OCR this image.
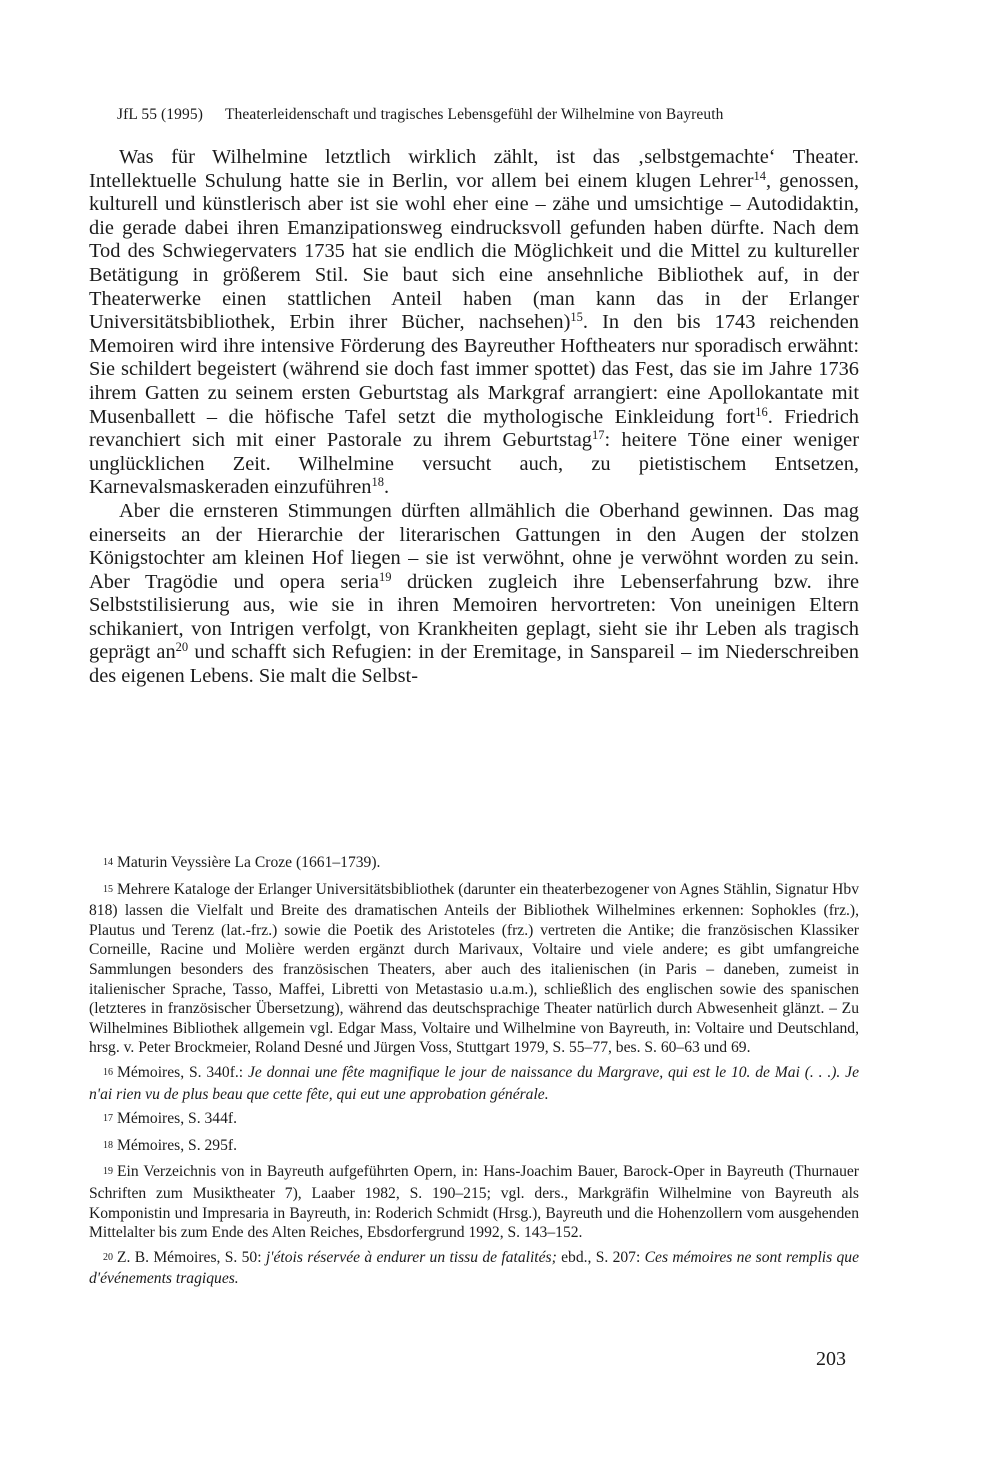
JfL 55 (1995) Theaterleidenschaft und tragisches Lebensgefühl der Wilhelmine von Bayreuth

Was für Wilhelmine letztlich wirklich zählt, ist das ‚selbstgemachte‘ Theater. Intellektuelle Schulung hatte sie in Berlin, vor allem bei einem klugen Lehrer$^{14}$, genossen, kulturell und künstlerisch aber ist sie wohl eher eine – zähe und umsichtige – Autodidaktin, die gerade dabei ihren Emanzipationsweg eindrucksvoll gefunden haben dürfte. Nach dem Tod des Schwiegervaters 1735 hat sie endlich die Möglichkeit und die Mittel zu kultureller Betätigung in größerem Stil. Sie baut sich eine ansehnliche Bibliothek auf, in der Theaterwerke einen stattlichen Anteil haben (man kann das in der Erlanger Universitätsbibliothek, Erbin ihrer Bücher, nachsehen)$^{15}$. In den bis 1743 reichenden Memoiren wird ihre intensive Förderung des Bayreuther Hoftheaters nur sporadisch erwähnt: Sie schildert begeistert (während sie doch fast immer spottet) das Fest, das sie im Jahre 1736 ihrem Gatten zu seinem ersten Geburtstag als Markgraf arrangiert: eine Apollokantate mit Musenballett – die höfische Tafel setzt die mythologische Einkleidung fort$^{16}$. Friedrich revanchiert sich mit einer Pastorale zu ihrem Geburtstag$^{17}$: heitere Töne einer weniger unglücklichen Zeit. Wilhelmine versucht auch, zu pietistischem Entsetzen, Karnevalsmaskeraden einzuführen$^{18}$.

Aber die ernsteren Stimmungen dürften allmählich die Oberhand gewinnen. Das mag einerseits an der Hierarchie der literarischen Gattungen in den Augen der stolzen Königstochter am kleinen Hof liegen – sie ist verwöhnt, ohne je verwöhnt worden zu sein. Aber Tragödie und opera seria$^{19}$ drücken zugleich ihre Lebenserfahrung bzw. ihre Selbststilisierung aus, wie sie in ihren Memoiren hervortreten: Von uneinigen Eltern schikaniert, von Intrigen verfolgt, von Krankheiten geplagt, sieht sie ihr Leben als tragisch geprägt an$^{20}$ und schafft sich Refugien: in der Eremitage, in Sanspareil – im Niederschreiben des eigenen Lebens. Sie malt die Selbst-

14 Maturin Veyssière La Croze (1661–1739).

15 Mehrere Kataloge der Erlanger Universitätsbibliothek (darunter ein theaterbezogener von Agnes Stählin, Signatur Hbv 818) lassen die Vielfalt und Breite des dramatischen Anteils der Bibliothek Wilhelmines erkennen: Sophokles (frz.), Plautus und Terenz (lat.-frz.) sowie die Poetik des Aristoteles (frz.) vertreten die Antike; die französischen Klassiker Corneille, Racine und Molière werden ergänzt durch Marivaux, Voltaire und viele andere; es gibt umfangreiche Sammlungen besonders des französischen Theaters, aber auch des italienischen (in Paris – daneben, zumeist in italienischer Sprache, Tasso, Maffei, Libretti von Metastasio u.a.m.), schließlich des englischen sowie des spanischen (letzteres in französischer Übersetzung), während das deutschsprachige Theater natürlich durch Abwesenheit glänzt. – Zu Wilhelmines Bibliothek allgemein vgl. Edgar Mass, Voltaire und Wilhelmine von Bayreuth, in: Voltaire und Deutschland, hrsg. v. Peter Brockmeier, Roland Desné und Jürgen Voss, Stuttgart 1979, S. 55–77, bes. S. 60–63 und 69.

16 Mémoires, S. 340f.: Je donnai une fête magnifique le jour de naissance du Margrave, qui est le 10. de Mai (. . .). Je n'ai rien vu de plus beau que cette fête, qui eut une approbation générale.

17 Mémoires, S. 344f.

18 Mémoires, S. 295f.

19 Ein Verzeichnis von in Bayreuth aufgeführten Opern, in: Hans-Joachim Bauer, Barock-Oper in Bayreuth (Thurnauer Schriften zum Musiktheater 7), Laaber 1982, S. 190–215; vgl. ders., Markgräfin Wilhelmine von Bayreuth als Komponistin und Impresaria in Bayreuth, in: Roderich Schmidt (Hrsg.), Bayreuth und die Hohenzollern vom ausgehenden Mittelalter bis zum Ende des Alten Reiches, Ebsdorfergrund 1992, S. 143–152.

20 Z. B. Mémoires, S. 50: j'étois réservée à endurer un tissu de fatalités; ebd., S. 207: Ces mémoires ne sont remplis que d'événements tragiques.

203
